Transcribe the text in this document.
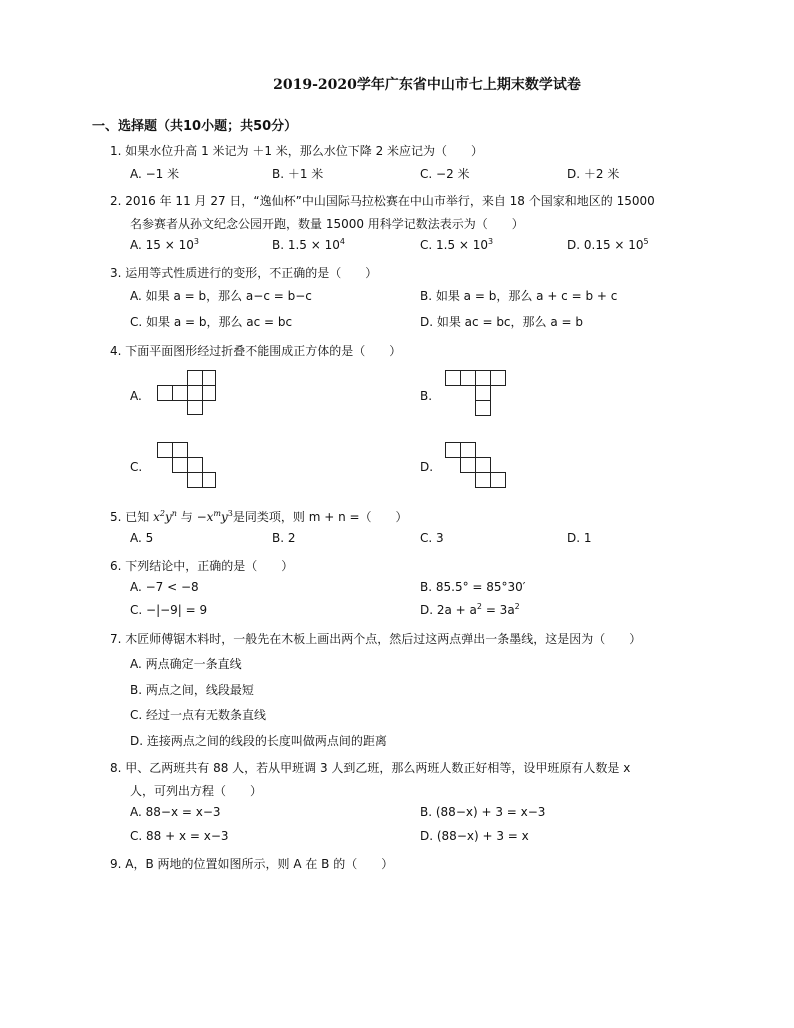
2019-2020学年广东省中山市七上期末数学试卷
一、选择题（共10小题；共50分）
1. 如果水位升高 1 米记为 ＋1 米，那么水位下降 2 米应记为（　　）
A. −1 米	B. ＋1 米	C. −2 米	D. ＋2 米
2. 2016 年 11 月 27 日，“逸仙杯”中山国际马拉松赛在中山市举行，来自 18 个国家和地区的 15000
名参赛者从孙文纪念公园开跑，数量 15000 用科学记数法表示为（　　）
A. $15 \times 10^3$	B. $1.5 \times 10^4$	C. $1.5 \times 10^3$	D. $0.15 \times 10^5$
3. 运用等式性质进行的变形，不正确的是（　　）
A. 如果 a = b，那么 a−c = b−c	B. 如果 a = b，那么 a + c = b + c
C. 如果 a = b，那么 ac = bc	D. 如果 ac = bc，那么 a = b
4. 下面平面图形经过折叠不能围成正方体的是（　　）
A.	B.
C.	D.
5. 已知 $x^2y^n$ 与 $-x^my^3$是同类项，则 m + n =（　　）
A. 5	B. 2	C. 3	D. 1
6. 下列结论中，正确的是（　　）
A. −7 < −8	B. 85.5° = 85°30′
C. −|−9| = 9	D. $2a + a^2 = 3a^2$
7. 木匠师傅锯木料时，一般先在木板上画出两个点，然后过这两点弹出一条墨线，这是因为（　　）
A. 两点确定一条直线
B. 两点之间，线段最短
C. 经过一点有无数条直线
D. 连接两点之间的线段的长度叫做两点间的距离
8. 甲、乙两班共有 88 人，若从甲班调 3 人到乙班，那么两班人数正好相等，设甲班原有人数是 x
人，可列出方程（　　）
A. 88−x = x−3	B. (88−x) + 3 = x−3
C. 88 + x = x−3	D. (88−x) + 3 = x
9. A，B 两地的位置如图所示，则 A 在 B 的（　　）
